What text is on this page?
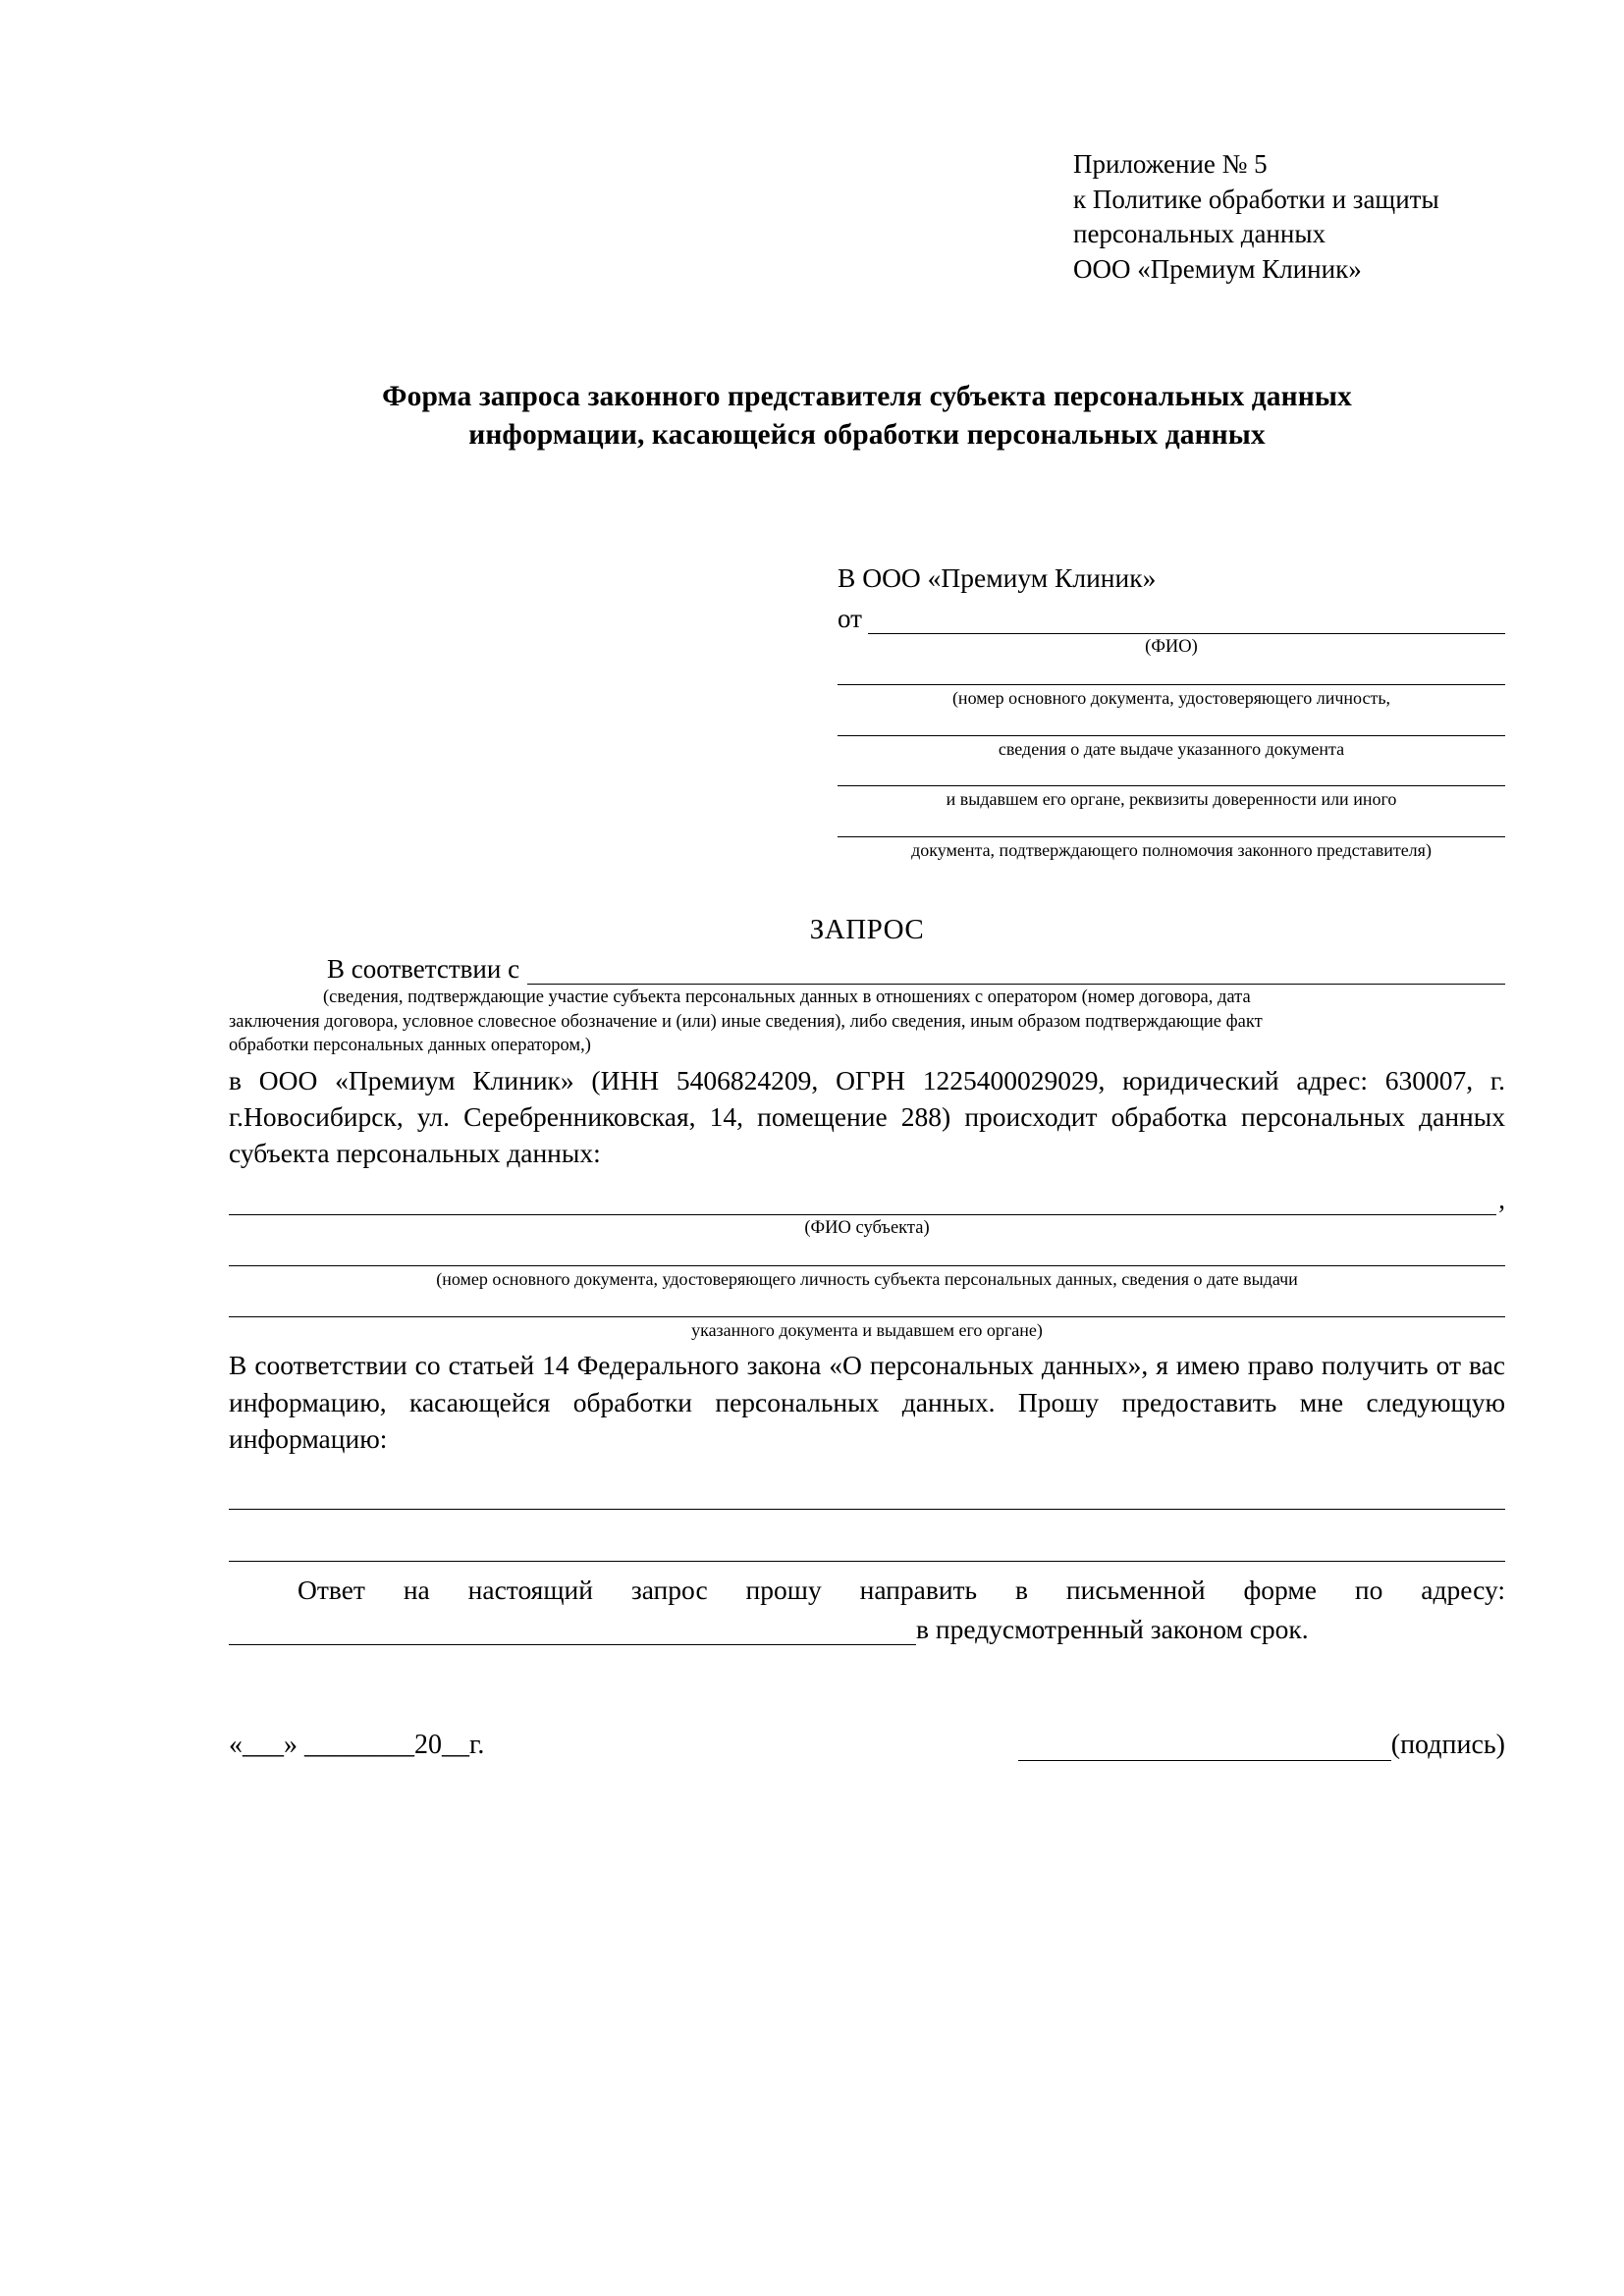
Приложение № 5
к Политике обработки и защиты
персональных данных
ООО «Премиум Клиник»
Форма запроса законного представителя субъекта персональных данных
информации, касающейся обработки персональных данных
В ООО «Премиум Клиник»
от
(ФИО)
(номер основного документа, удостоверяющего личность,
сведения о дате выдаче указанного документа
и выдавшем его органе, реквизиты доверенности или иного
документа, подтверждающего полномочия законного представителя)
ЗАПРОС
В соответствии с
(сведения, подтверждающие участие субъекта персональных данных в отношениях с оператором (номер договора, дата
заключения договора, условное словесное обозначение и (или) иные сведения), либо сведения, иным образом подтверждающие факт
обработки персональных данных оператором,)
в ООО «Премиум Клиник» (ИНН 5406824209, ОГРН 1225400029029, юридический адрес: 630007, г. г.Новосибирск, ул. Серебренниковская, 14, помещение 288) происходит обработка персональных данных субъекта персональных данных:
,
(ФИО субъекта)
(номер основного документа, удостоверяющего личность субъекта персональных данных, сведения о дате выдачи
указанного документа и выдавшем его органе)
В соответствии со статьей 14 Федерального закона «О персональных данных», я имею право получить от вас информацию, касающейся обработки персональных данных. Прошу предоставить мне следующую информацию:
Ответ на настоящий запрос прошу направить в письменной форме по адресу:
в предусмотренный законом срок.
«___» ________20__г.	(подпись)
